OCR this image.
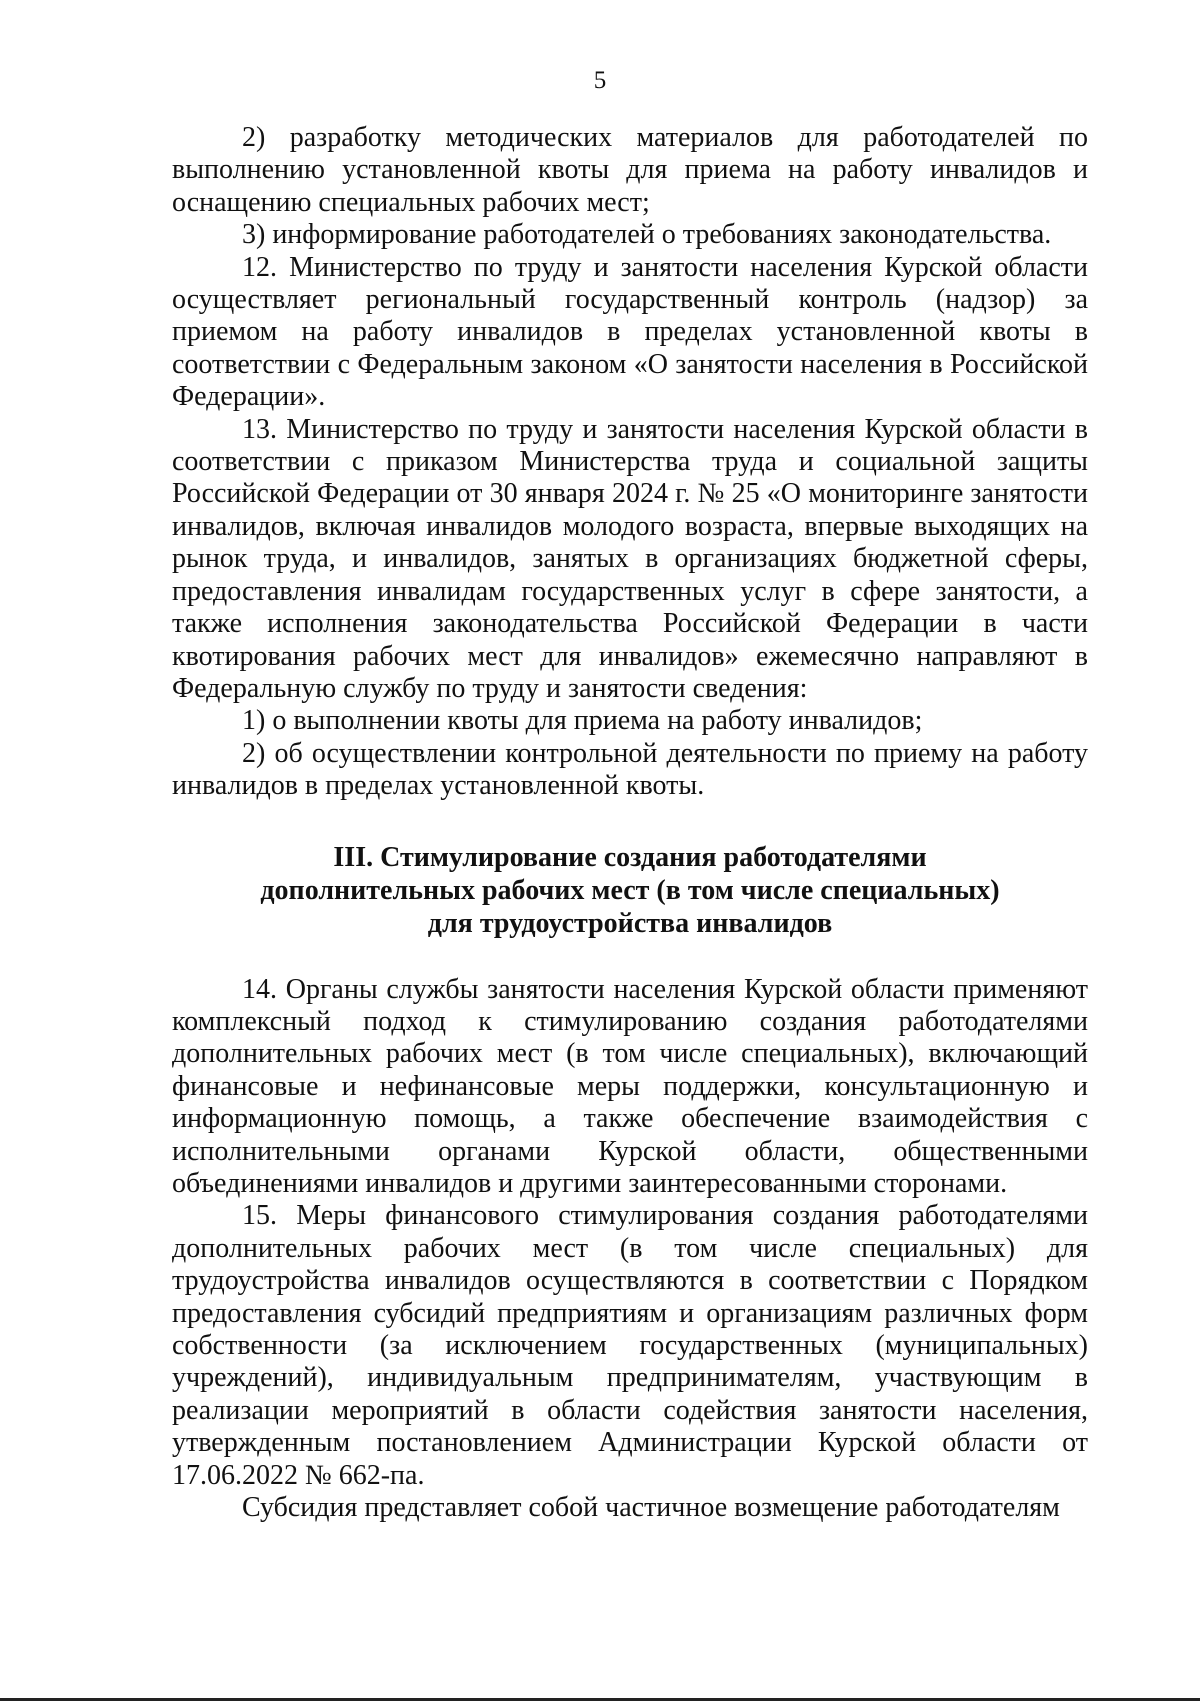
5

2) разработку методических материалов для работодателей по выполнению установленной квоты для приема на работу инвалидов и оснащению специальных рабочих мест;

3) информирование работодателей о требованиях законодательства.

12. Министерство по труду и занятости населения Курской области осуществляет региональный государственный контроль (надзор) за приемом на работу инвалидов в пределах установленной квоты в соответствии с Федеральным законом «О занятости населения в Российской Федерации».

13. Министерство по труду и занятости населения Курской области в соответствии с приказом Министерства труда и социальной защиты Российской Федерации от 30 января 2024 г. № 25 «О мониторинге занятости инвалидов, включая инвалидов молодого возраста, впервые выходящих на рынок труда, и инвалидов, занятых в организациях бюджетной сферы, предоставления инвалидам государственных услуг в сфере занятости, а также исполнения законодательства Российской Федерации в части квотирования рабочих мест для инвалидов» ежемесячно направляют в Федеральную службу по труду и занятости сведения:

1) о выполнении квоты для приема на работу инвалидов;

2) об осуществлении контрольной деятельности по приему на работу инвалидов в пределах установленной квоты.

III. Стимулирование создания работодателями
дополнительных рабочих мест (в том числе специальных)
для трудоустройства инвалидов

14. Органы службы занятости населения Курской области применяют комплексный подход к стимулированию создания работодателями дополнительных рабочих мест (в том числе специальных), включающий финансовые и нефинансовые меры поддержки, консультационную и информационную помощь, а также обеспечение взаимодействия с исполнительными органами Курской области, общественными объединениями инвалидов и другими заинтересованными сторонами.

15. Меры финансового стимулирования создания работодателями дополнительных рабочих мест (в том числе специальных) для трудоустройства инвалидов осуществляются в соответствии с Порядком предоставления субсидий предприятиям и организациям различных форм собственности (за исключением государственных (муниципальных) учреждений), индивидуальным предпринимателям, участвующим в реализации мероприятий в области содействия занятости населения, утвержденным постановлением Администрации Курской области от 17.06.2022 № 662-па.

Субсидия представляет собой частичное возмещение работодателям
